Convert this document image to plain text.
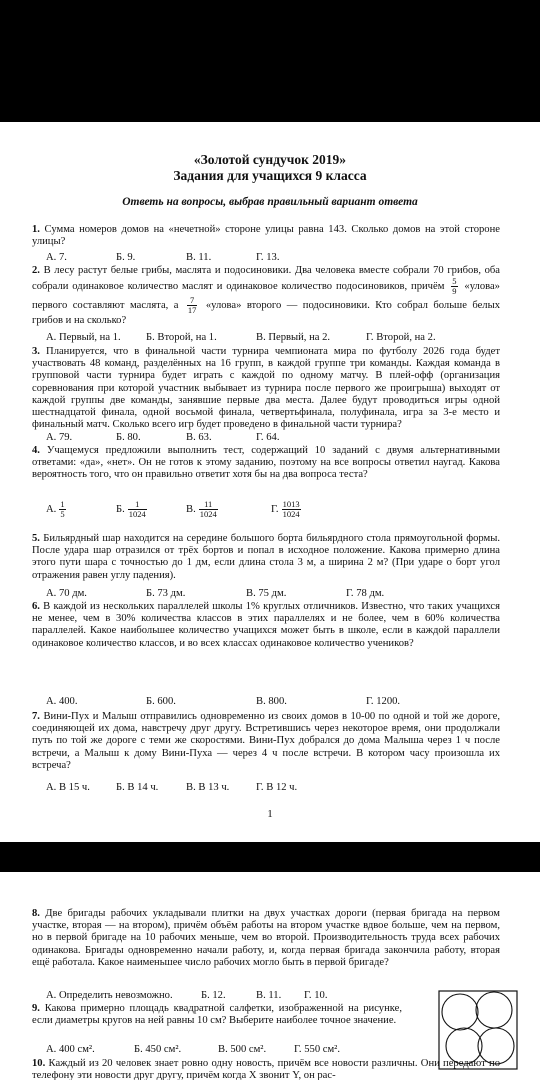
«Золотой сундучок 2019»
Задания для учащихся 9 класса
Ответь на вопросы, выбрав правильный вариант ответа
1. Сумма номеров домов на «нечетной» стороне улицы равна 143. Сколько домов на этой стороне улицы?
А. 7.	Б. 9.	В. 11.	Г. 13.
2. В лесу растут белые грибы, маслята и подосиновики. Два человека вместе собрали 70 грибов, оба собрали одинаковое количество маслят и одинаковое количество подосиновиков, причём $\frac{5}{9}$ «улова» первого составляют маслята, а $\frac{7}{17}$ «улова» второго — подосиновики. Кто собрал больше белых грибов и на сколько?
А. Первый, на 1. Б. Второй, на 1.	В. Первый, на 2.	Г. Второй, на 2.
3. Планируется, что в финальной части турнира чемпионата мира по футболу 2026 года будет участвовать 48 команд, разделённых на 16 групп, в каждой группе три команды. Каждая команда в групповой части турнира будет играть с каждой по одному матчу. В плей-офф (организация соревнования при которой участник выбывает из турнира после первого же проигрыша) выходят от каждой группы две команды, занявшие первые два места. Далее будут проводиться игры одной шестнадцатой финала, одной восьмой финала, четвертьфинала, полуфинала, игра за 3-е место и финальный матч. Сколько всего игр будет проведено в финальной части турнира?
А. 79.	Б. 80.	В. 63.	Г. 64.
4. Учащемуся предложили выполнить тест, содержащий 10 заданий с двумя альтернативными ответами: «да», «нет». Он не готов к этому заданию, поэтому на все вопросы ответил наугад. Какова вероятность того, что он правильно ответит хотя бы на два вопроса теста?
А. $\frac{1}{5}$	Б. $\frac{1}{1024}$	В. $\frac{11}{1024}$	Г. $\frac{1013}{1024}$
5. Бильярдный шар находится на середине большого борта бильярдного стола прямоугольной формы. После удара шар отразился от трёх бортов и попал в исходное положение. Какова примерно длина этого пути шара с точностью до 1 дм, если длина стола 3 м, а ширина 2 м? (При ударе о борт угол отражения равен углу падения).
А. 70 дм.	Б. 73 дм.	В. 75 дм.	Г. 78 дм.
6. В каждой из нескольких параллелей школы 1% круглых отличников. Известно, что таких учащихся не менее, чем в 30% количества классов в этих параллелях и не более, чем в 60% количества параллелей. Какое наибольшее количество учащихся может быть в школе, если в каждой параллели одинаковое количество классов, и во всех классах одинаковое количество учеников?
А. 400.	Б. 600.	В. 800.	Г. 1200.
7. Вини-Пух и Малыш отправились одновременно из своих домов в 10-00 по одной и той же дороге, соединяющей их дома, навстречу друг другу. Встретившись через некоторое время, они продолжали путь по той же дороге с теми же скоростями. Вини-Пух добрался до дома Малыша через 1 ч после встречи, а Малыш к дому Вини-Пуха — через 4 ч после встречи. В котором часу произошла их встреча?
А. В 15 ч. Б. В 14 ч.	В. В 13 ч.	Г. В 12 ч.
1
8. Две бригады рабочих укладывали плитки на двух участках дороги (первая бригада на первом участке, вторая — на втором), причём объём работы на втором участке вдвое больше, чем на первом, но в первой бригаде на 10 рабочих меньше, чем во второй. Производительность труда всех рабочих одинакова. Бригады одновременно начали работу, и, когда первая бригада закончила работу, вторая ещё работала. Какое наименьшее число рабочих могло быть в первой бригаде?
А. Определить невозможно.	Б. 12.	В. 11. Г. 10.
9. Какова примерно площадь квадратной салфетки, изображенной на рисунке, если диаметры кругов на ней равны 10 см? Выберите наиболее точное значение.
А. 400 см².	Б. 450 см².	В. 500 см².	Г. 550 см².
10. Каждый из 20 человек знает ровно одну новость, причём все новости различны. Они передают по телефону эти новости друг другу, причём когда X звонит Y, он рас-
